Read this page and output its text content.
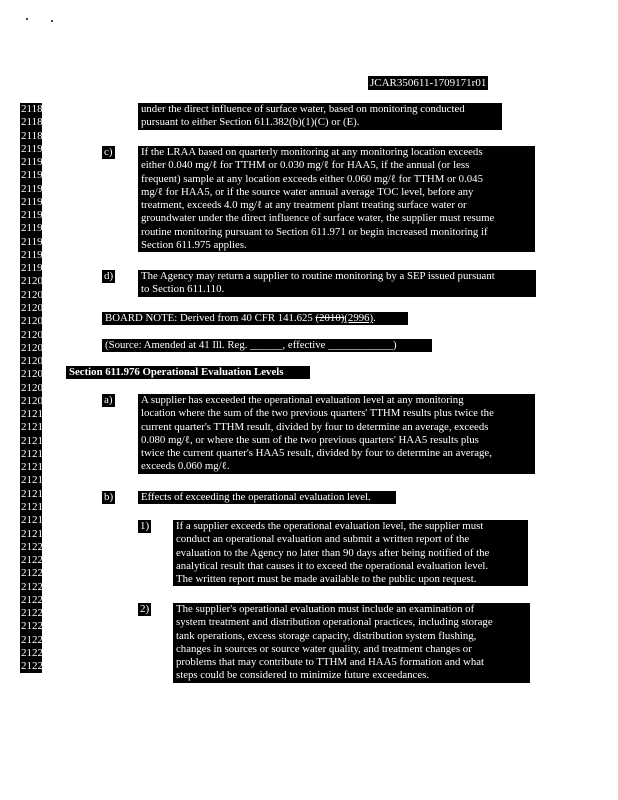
JCAR350611-1709171r01
21187
21188
21189
21190
21191
21192
21193
21194
21195
21196
21197
21198
21199
21200
21201
21202
21203
21204
21205
21206
21207
21208
2120
2121
2121
21212
21213
21214
21215
21216
21217
21218
21219
21220
21221
21222
21223
21224
21225
21226
21227
21228
21229

under the direct influence of surface water, based on monitoring conducted

pursuant to either Section 611.382(b)(1)(C) or (E).

c)	If the LRAA based on quarterly monitoring at any monitoring location exceeds

either 0.040 mg/ℓ for TTHM or 0.030 mg/ℓ for HAA5, if the annual (or less

frequent) sample at any location exceeds either 0.060 mg/ℓ for TTHM or 0.045

mg/ℓ for HAA5, or if the source water annual average TOC level, before any

treatment, exceeds 4.0 mg/ℓ at any treatment plant treating surface water or

groundwater under the direct influence of surface water, the supplier must resume

routine monitoring pursuant to Section 611.971 or begin increased monitoring if

Section 611.975 applies.

d)	The Agency may return a supplier to routine monitoring by a SEP issued pursuant

to Section 611.110.

BOARD NOTE: Derived from 40 CFR 141.625 (2010)(2996).
(Source: Amended at 41 Ill. Reg. ______, effective ____________)
Section 611.976 Operational Evaluation Levels
a)	A supplier has exceeded the operational evaluation level at any monitoring

location where the sum of the two previous quarters' TTHM results plus twice the

current quarter's TTHM result, divided by four to determine an average, exceeds

0.080 mg/ℓ, or where the sum of the two previous quarters' HAA5 results plus

twice the current quarter's HAA5 result, divided by four to determine an average,

exceeds 0.060 mg/ℓ.

b)	Effects of exceeding the operational evaluation level.
1) If a supplier exceeds the operational evaluation level, the supplier must

conduct an operational evaluation and submit a written report of the

evaluation to the Agency no later than 90 days after being notified of the

analytical result that causes it to exceed the operational evaluation level.

The written report must be made available to the public upon request.

2) The supplier's operational evaluation must include an examination of

system treatment and distribution operational practices, including storage

tank operations, excess storage capacity, distribution system flushing,

changes in sources or source water quality, and treatment changes or

problems that may contribute to TTHM and HAA5 formation and what

steps could be considered to minimize future exceedances.
